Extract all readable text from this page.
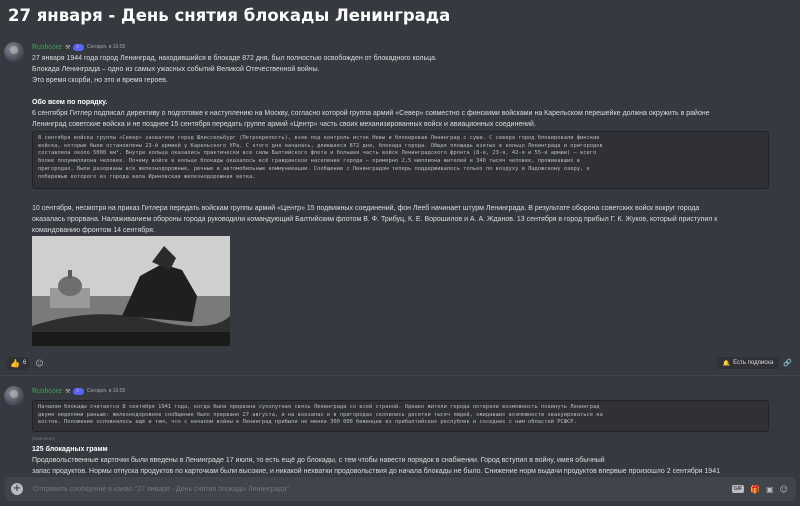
27 января - День снятия блокады Ленинграда
Rushcore ⚒	☾	Сегодня, в 10:55
27 января 1944 года город Ленинград, находившийся в блокаде 872 дня, был полностью освобожден от блокадного кольца.
Блокада Ленинграда – одно из самых ужасных событий Великой Отечественной войны.
Это время скорби, но это и время героев.
Обо всем по порядку.
6 сентября Гитлер подписал директиву о подготовке к наступлению на Москву, согласно которой группа армий «Север» совместно с финскими войсками на Карельском перешейке должна окружить в районе
Ленинград советские войска и не позднее 15 сентября передать группе армий «Центр» часть своих механизированных войск и авиационных соединений.
8 сентября войска группы «Север» захватили город Шлиссельбург (Петрокрепость), взяв под контроль исток Невы и блокировав Ленинград с суши. С севера город блокировали финские
войска, которые были остановлены 23-й армией у Карельского УРа. С этого дня началась, длившаяся 872 дня, блокада города. Общая площадь взятых в кольцо Ленинграда и пригородов
составляла около 5000 км². Внутри кольца оказались практически все силы Балтийского флота и большая часть войск Ленинградского фронта (8-я, 23-я, 42-я и 55-я армии) — всего
более полумиллиона человек. Почему войск в кольце блокады оказалось всё гражданское население города — примерно 2,5 миллиона жителей и 340 тысяч человек, проживавших в
пригородах. Были разорваны все железнодорожные, речные и автомобильные коммуникации. Сообщение с Ленинградом теперь поддерживалось только по воздуху и Ладожскому озеру, к
побережью которого из города вела Ириновская железнодорожная ветка.
10 сентября, несмотря на приказ Гитлера передать войскам группы армий «Центр» 15 подвижных соединений, фон Лееб начинает штурм Ленинграда. В результате оборона советских войск вокруг города
оказалась прорвана. Налаживанием обороны города руководили командующий Балтийским флотом В. Ф. Трибуц, К. Е. Ворошилов и А. А. Жданов. 13 сентября в город прибыл Г. К. Жуков, который приступил к
командованию фронтом 14 сентября.
👍 6 ☺	🔔 Есть подписка 🔗
Rushcore ⚒	☾	Сегодня, в 10:55
Началом блокады считается 8 сентября 1941 года, когда была прервана сухопутная связь Ленинграда со всей страной. Однако жители города потеряли возможность покинуть Ленинград
двумя неделями раньше: железнодорожное сообщение было прервано 27 августа, и на вокзалах и в пригородах скопились десятки тысяч людей, ожидавших возможности эвакуироваться на
восток. Положение осложнялось ещё и тем, что с началом войны в Ленинград прибыли не менее 300 000 беженцев из прибалтийских республик и соседних с ним областей РСФСР.
(изменено)
125 блокадных грамм
Продовольственные карточки были введены в Ленинграде 17 июля, то есть ещё до блокады, с тем чтобы навести порядок в снабжении. Город вступил в войну, имея обычный
запас продуктов. Нормы отпуска продуктов по карточкам были высокие, и никакой нехватки продовольствия до начала блокады не было. Снижение норм выдачи продуктов впервые произошло 2 сентября 1941
+
Отправить сообщение в канал "27 января - День снятия блокады Ленинграда"	GIF 🎁 ▣ ☺
